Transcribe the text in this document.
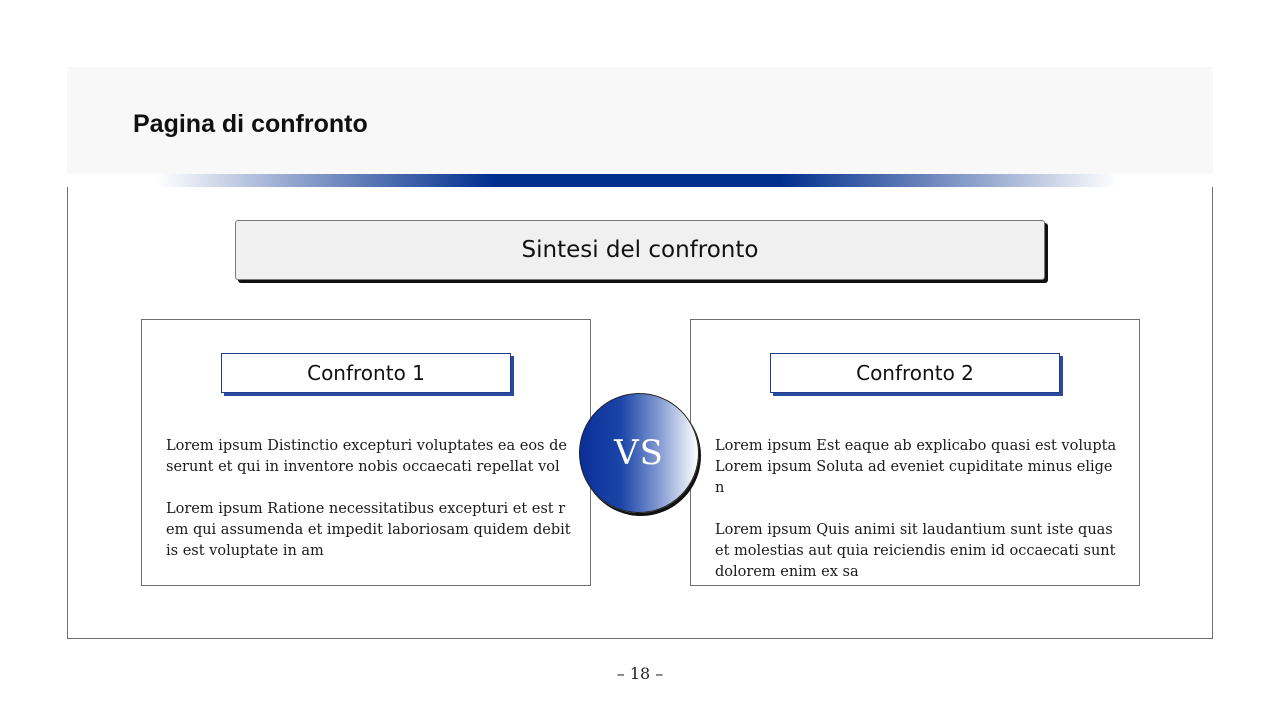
Pagina di confronto
Sintesi del confronto
Confronto 1

Lorem ipsum Distinctio excepturi voluptates ea eos deserunt et qui in inventore nobis occaecati repellat vol

Lorem ipsum Ratione necessitatibus excepturi et est rem qui assumenda et impedit laboriosam quidem debitis est voluptate in am

Confronto 2

Lorem ipsum Est eaque ab explicabo quasi est volupta Lorem ipsum Soluta ad eveniet cupiditate minus eligen

Lorem ipsum Quis animi sit laudantium sunt iste quas et molestias aut quia reiciendis enim id occaecati sunt dolorem enim ex sa

VS
– 18 –
